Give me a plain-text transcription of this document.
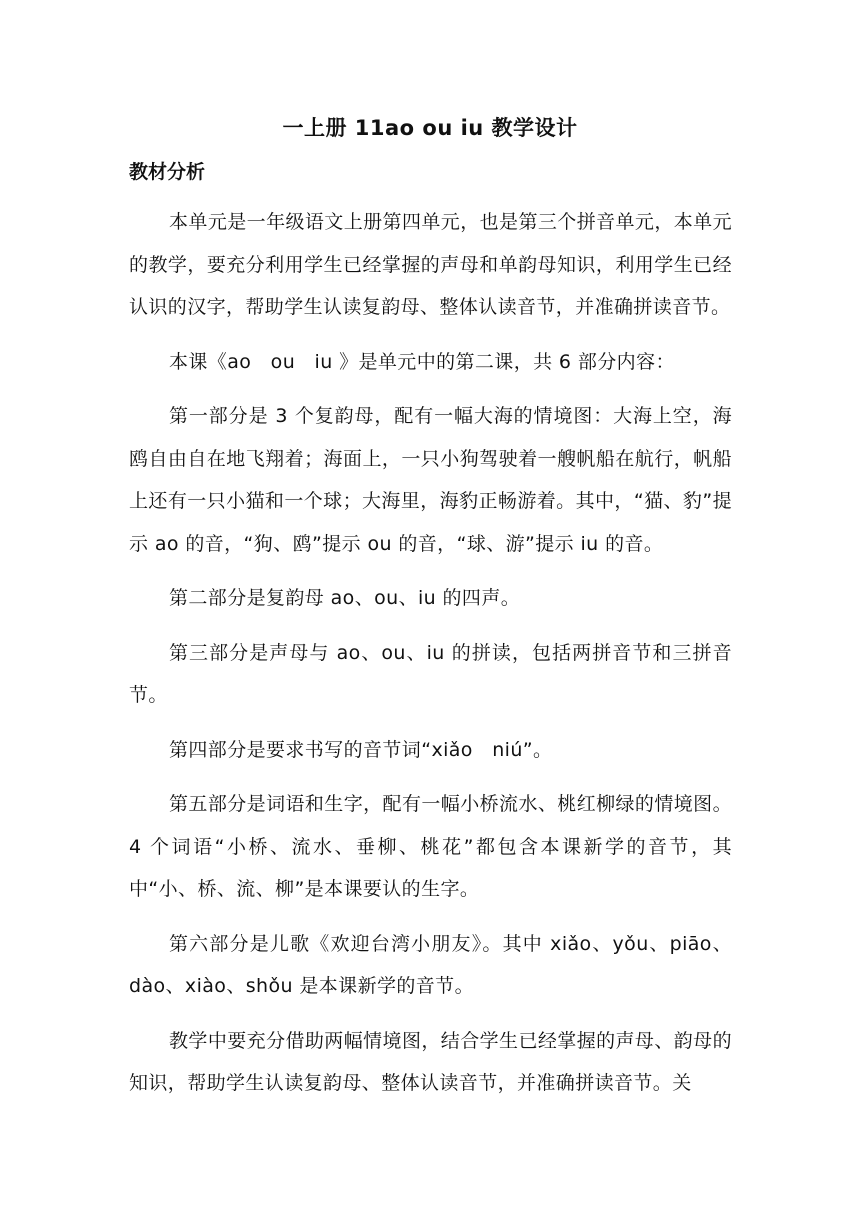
一上册 11ao ou iu 教学设计
教材分析

本单元是一年级语文上册第四单元，也是第三个拼音单元，本单元的教学，要充分利用学生已经掌握的声母和单韵母知识，利用学生已经认识的汉字，帮助学生认读复韵母、整体认读音节，并准确拼读音节。

本课《ao　ou　iu 》是单元中的第二课，共 6 部分内容：

第一部分是 3 个复韵母，配有一幅大海的情境图：大海上空，海鸥自由自在地飞翔着；海面上，一只小狗驾驶着一艘帆船在航行，帆船上还有一只小猫和一个球；大海里，海豹正畅游着。其中，“猫、豹”提示 ao 的音，“狗、鸥”提示 ou 的音，“球、游”提示 iu 的音。

第二部分是复韵母 ao、ou、iu 的四声。

第三部分是声母与 ao、ou、iu 的拼读，包括两拼音节和三拼音节。

第四部分是要求书写的音节词“xiǎo　niú”。

第五部分是词语和生字，配有一幅小桥流水、桃红柳绿的情境图。4 个词语“小桥、流水、垂柳、桃花”都包含本课新学的音节，其中“小、桥、流、柳”是本课要认的生字。

第六部分是儿歌《欢迎台湾小朋友》。其中 xiǎo、yǒu、piāo、dào、xiào、shǒu 是本课新学的音节。

教学中要充分借助两幅情境图，结合学生已经掌握的声母、韵母的知识，帮助学生认读复韵母、整体认读音节，并准确拼读音节。关
